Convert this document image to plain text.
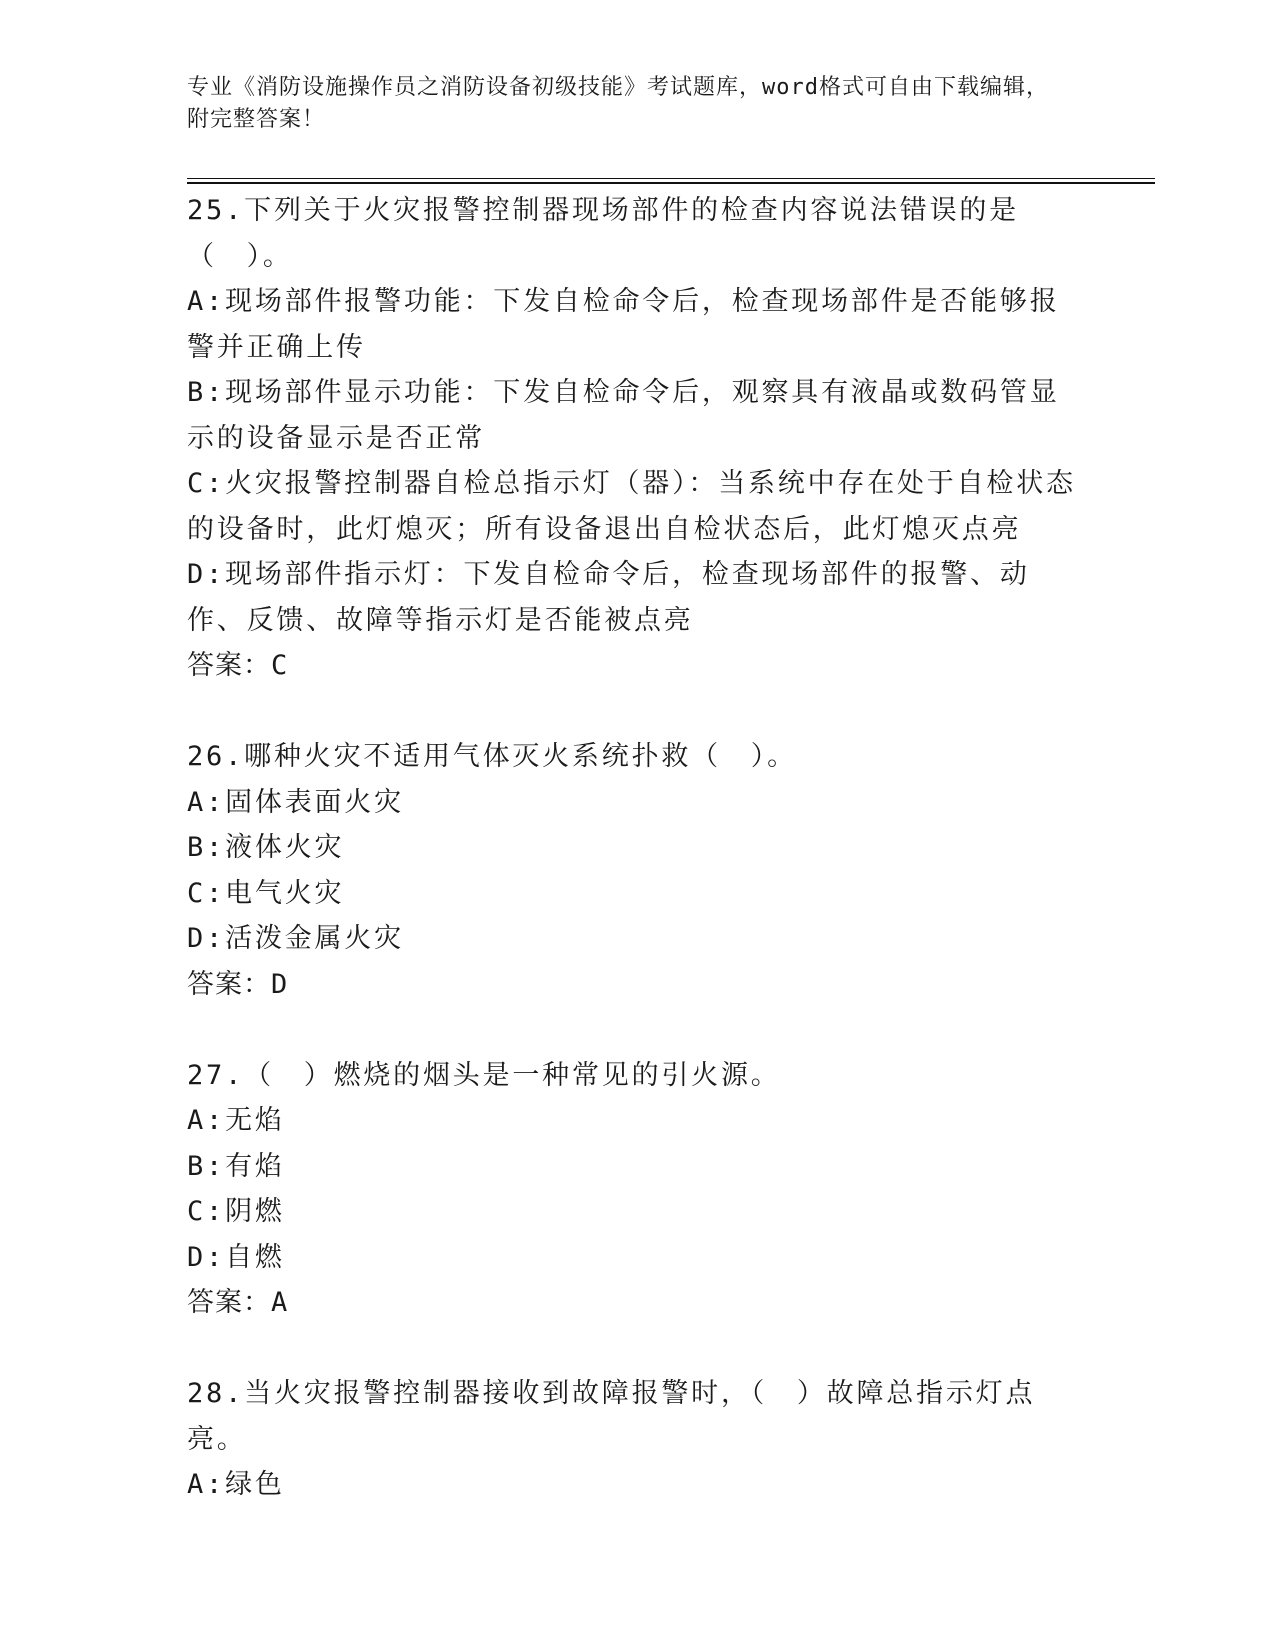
专业《消防设施操作员之消防设备初级技能》考试题库，word格式可自由下载编辑，附完整答案！
25.下列关于火灾报警控制器现场部件的检查内容说法错误的是（　）。
A:现场部件报警功能：下发自检命令后，检查现场部件是否能够报警并正确上传
B:现场部件显示功能：下发自检命令后，观察具有液晶或数码管显示的设备显示是否正常
C:火灾报警控制器自检总指示灯（器）：当系统中存在处于自检状态的设备时，此灯熄灭；所有设备退出自检状态后，此灯熄灭点亮
D:现场部件指示灯：下发自检命令后，检查现场部件的报警、动作、反馈、故障等指示灯是否能被点亮
答案：C
26.哪种火灾不适用气体灭火系统扑救（　）。
A:固体表面火灾
B:液体火灾
C:电气火灾
D:活泼金属火灾
答案：D
27.（　）燃烧的烟头是一种常见的引火源。
A:无焰
B:有焰
C:阴燃
D:自燃
答案：A
28.当火灾报警控制器接收到故障报警时，（　）故障总指示灯点亮。
A:绿色
